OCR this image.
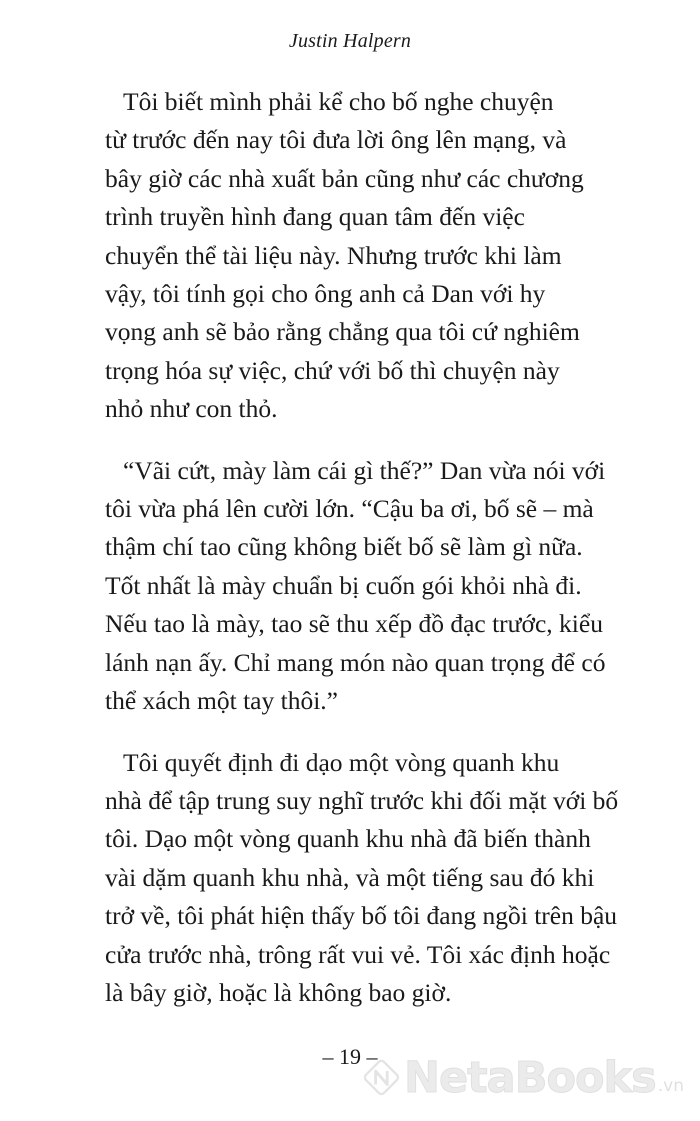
Justin Halpern

Tôi biết mình phải kể cho bố nghe chuyện
từ trước đến nay tôi đưa lời ông lên mạng, và
bây giờ các nhà xuất bản cũng như các chương
trình truyền hình đang quan tâm đến việc
chuyển thể tài liệu này. Nhưng trước khi làm
vậy, tôi tính gọi cho ông anh cả Dan với hy
vọng anh sẽ bảo rằng chẳng qua tôi cứ nghiêm
trọng hóa sự việc, chứ với bố thì chuyện này
nhỏ như con thỏ.

“Vãi cứt, mày làm cái gì thế?” Dan vừa nói với
tôi vừa phá lên cười lớn. “Cậu ba ơi, bố sẽ – mà
thậm chí tao cũng không biết bố sẽ làm gì nữa.
Tốt nhất là mày chuẩn bị cuốn gói khỏi nhà đi.
Nếu tao là mày, tao sẽ thu xếp đồ đạc trước, kiểu
lánh nạn ấy. Chỉ mang món nào quan trọng để có
thể xách một tay thôi.”

Tôi quyết định đi dạo một vòng quanh khu
nhà để tập trung suy nghĩ trước khi đối mặt với bố
tôi. Dạo một vòng quanh khu nhà đã biến thành
vài dặm quanh khu nhà, và một tiếng sau đó khi
trở về, tôi phát hiện thấy bố tôi đang ngồi trên bậu
cửa trước nhà, trông rất vui vẻ. Tôi xác định hoặc
là bây giờ, hoặc là không bao giờ.

– 19 – NetaBooks .vn
